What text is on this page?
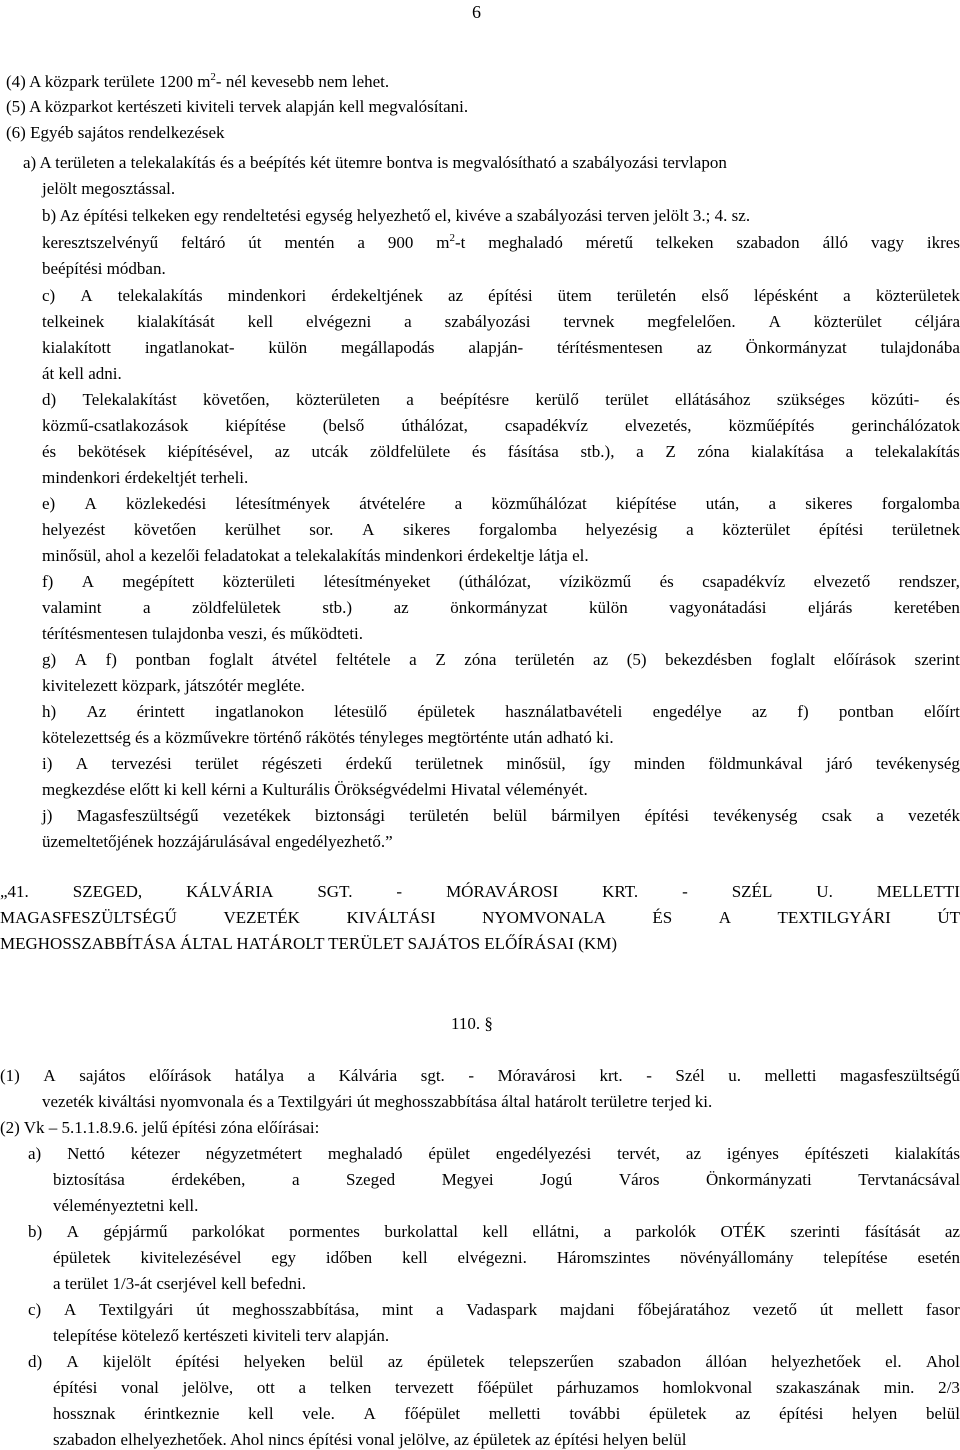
6
(4) A közpark területe 1200 $m^2-$ nél kevesebb nem lehet.
(5) A közparkot kertészeti kiviteli tervek alapján kell megvalósítani.
(6) Egyéb sajátos rendelkezések
a) A területen a telekalakítás és a beépítés két ütemre bontva is megvalósítható a szabályozási tervlapon
jelölt megosztással.
b) Az építési telkeken egy rendeltetési egység helyezhető el, kivéve a szabályozási terven jelölt 3.; 4. sz.
keresztszelvényű feltáró út mentén a 900 $m^2-t$ meghaladó méretű telkeken szabadon álló vagy ikres
beépítési módban.
c) A telekalakítás mindenkori érdekeltjének az építési ütem területén első lépésként a közterületek
telkeinek kialakítását kell elvégezni a szabályozási tervnek megfelelően. A közterület céljára
kialakított ingatlanokat- külön megállapodás alapján- térítésmentesen az Önkormányzat tulajdonába
át kell adni.
d) Telekalakítást követően, közterületen a beépítésre kerülő terület ellátásához szükséges közúti- és
közmű-csatlakozások kiépítése (belső úthálózat, csapadékvíz elvezetés, közműépítés gerinchálózatok
és bekötések kiépítésével, az utcák zöldfelülete és fásítása stb.), a Z zóna kialakítása a telekalakítás
mindenkori érdekeltjét terheli.
e) A közlekedési létesítmények átvételére a közműhálózat kiépítése után, a sikeres forgalomba
helyezést követően kerülhet sor. A sikeres forgalomba helyezésig a közterület építési területnek
minősül, ahol a kezelői feladatokat a telekalakítás mindenkori érdekeltje látja el.
f) A megépített közterületi létesítményeket (úthálózat, víziközmű és csapadékvíz elvezető rendszer,
valamint a zöldfelületek stb.) az önkormányzat külön vagyonátadási eljárás keretében
térítésmentesen tulajdonba veszi, és működteti.
g) A f) pontban foglalt átvétel feltétele a Z zóna területén az (5) bekezdésben foglalt előírások szerint
kivitelezett közpark, játszótér megléte.
h) Az érintett ingatlanokon létesülő épületek használatbavételi engedélye az f) pontban előírt
kötelezettség és a közművekre történő rákötés tényleges megtörténte után adható ki.
i) A tervezési terület régészeti érdekű területnek minősül, így minden földmunkával járó tevékenység
megkezdése előtt ki kell kérni a Kulturális Örökségvédelmi Hivatal véleményét.
j) Magasfeszültségű vezetékek biztonsági területén belül bármilyen építési tevékenység csak a vezeték
üzemeltetőjének hozzájárulásával engedélyezhető.”
„41.	SZEGED,	KÁLVÁRIA	SGT.	-	MÓRAVÁROSI	KRT.	-	SZÉL	U.	MELLETTI
MAGASFESZÜLTSÉGŰ	VEZETÉK	KIVÁLTÁSI	NYOMVONALA	ÉS	A	TEXTILGYÁRI	ÚT
MEGHOSSZABBÍTÁSA ÁLTAL HATÁROLT TERÜLET SAJÁTOS ELŐÍRÁSAI (KM)
(1) A sajátos előírások hatálya a Kálvária sgt. - Móravárosi krt. - Szél u. melletti magasfeszültségű
vezeték kiváltási nyomvonala és a Textilgyári út meghosszabbítása által határolt területre terjed ki.
(2) Vk – 5.1.1.8.9.6. jelű építési zóna előírásai:
a) Nettó kétezer négyzetmétert meghaladó épület engedélyezési tervét, az igényes építészeti kialakítás
biztosítása	érdekében,	a	Szeged	Megyei	Jogú	Város	Önkormányzati	Tervtanácsával
véleményeztetni kell.
b) A gépjármű parkolókat pormentes burkolattal kell ellátni, a parkolók OTÉK szerinti fásítását az
épületek kivitelezésével egy időben kell elvégezni. Háromszintes növényállomány telepítése esetén
a terület 1/3-át cserjével kell befedni.
c) A Textilgyári út meghosszabbítása, mint a Vadaspark majdani főbejáratához vezető út mellett fasor
telepítése kötelező kertészeti kiviteli terv alapján.
d) A kijelölt építési helyeken belül az épületek telepszerűen szabadon állóan helyezhetőek el. Ahol
építési vonal jelölve, ott a telken tervezett főépület párhuzamos homlokvonal szakaszának min. 2/3
hossznak érintkeznie kell vele. A főépület melletti további épületek az építési helyen belül
szabadon elhelyezhetőek. Ahol nincs építési vonal jelölve, az épületek az építési helyen belül
110. §
